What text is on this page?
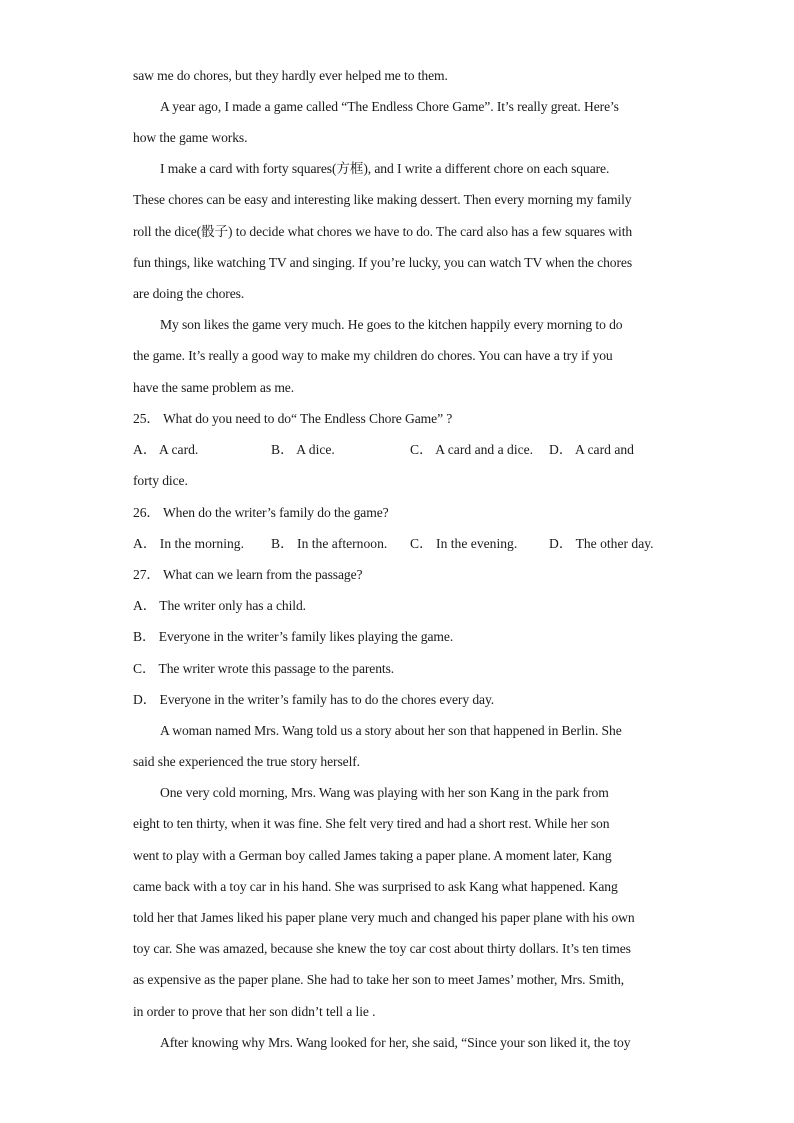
saw me do chores, but they hardly ever helped me to them.
A year ago, I made a game called “The Endless Chore Game”. It’s really great. Here’s
how the game works.
I make a card with forty squares(方框), and I write a different chore on each square.
These chores can be easy and interesting like making dessert. Then every morning my family
roll the dice(骰子) to decide what chores we have to do. The card also has a few squares with
fun things, like watching TV and singing. If you’re lucky, you can watch TV when the chores
are doing the chores.
My son likes the game very much. He goes to the kitchen happily every morning to do
the game. It’s really a good way to make my children do chores. You can have a try if you
have the same problem as me.
25． What do you need to do“ The Endless Chore Game” ?
A． A card.	B． A dice.	C． A card and a dice. D． A card and
forty dice.
26． When do the writer’s family do the game?
A． In the morning. B． In the afternoon. C． In the evening. D． The other day.
27． What can we learn from the passage?
A． The writer only has a child.
B． Everyone in the writer’s family likes playing the game.
C． The writer wrote this passage to the parents.
D． Everyone in the writer’s family has to do the chores every day.
A woman named Mrs. Wang told us a story about her son that happened in Berlin. She
said she experienced the true story herself.
One very cold morning, Mrs. Wang was playing with her son Kang in the park from
eight to ten thirty, when it was fine. She felt very tired and had a short rest. While her son
went to play with a German boy called James taking a paper plane. A moment later, Kang
came back with a toy car in his hand. She was surprised to ask Kang what happened. Kang
told her that James liked his paper plane very much and changed his paper plane with his own
toy car. She was amazed, because she knew the toy car cost about thirty dollars. It’s ten times
as expensive as the paper plane. She had to take her son to meet James’ mother, Mrs. Smith,
in order to prove that her son didn’t tell a lie .
After knowing why Mrs. Wang looked for her, she said, “Since your son liked it, the toy
